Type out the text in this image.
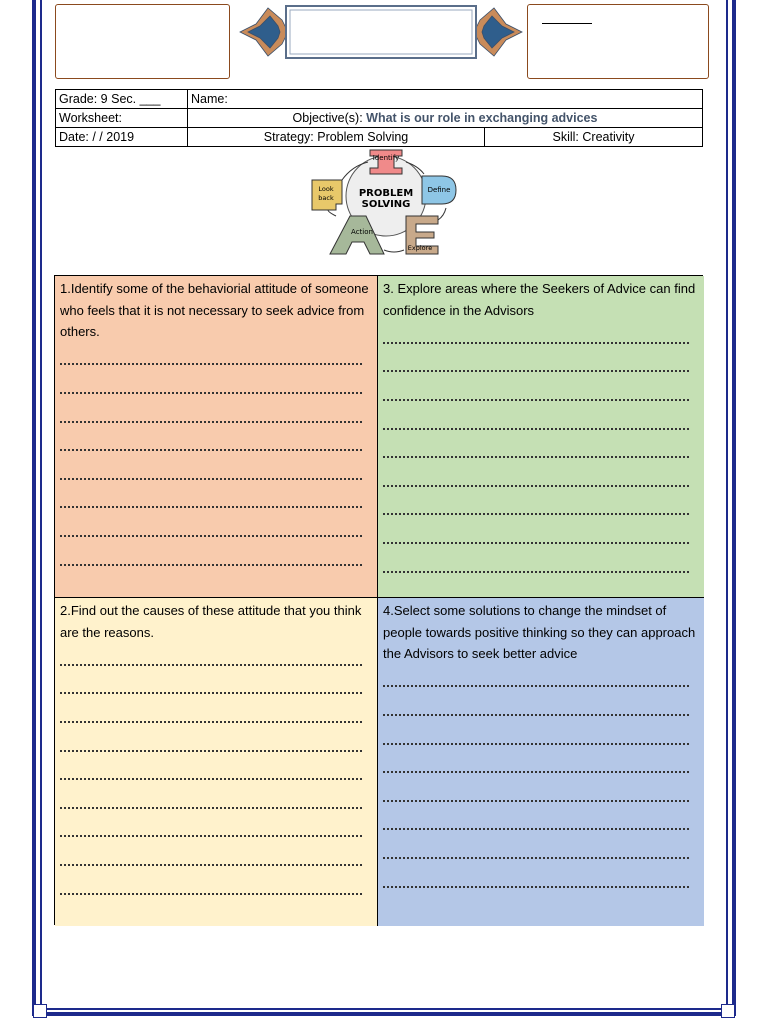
Grade: 9 Sec. ___	Name:	
Worksheet:	Objective(s): What is our role in exchanging advices	
Date: / / 2019	Strategy: Problem Solving	Skill: Creativity
Identify
Define
Look
back
Action
Explore
PROBLEM
SOLVING
1.Identify some of the behaviorial attitude of someone who feels that it is not necessary to seek advice from others.
3. Explore areas where the Seekers of Advice can find confidence in the Advisors
2.Find out the causes of these attitude that you think are the reasons.
4.Select some solutions to change the mindset of people towards positive thinking so they can approach the Advisors to seek better advice
